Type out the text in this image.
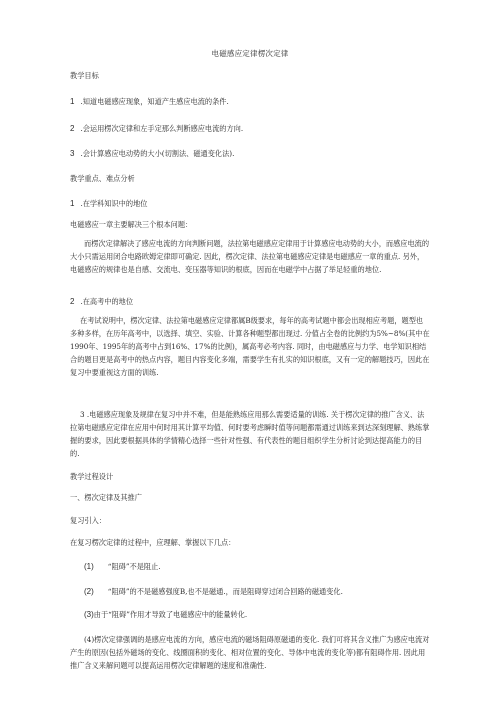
电磁感应定律楞次定律
教学目标
1 .知道电磁感应现象，知道产生感应电流的条件.
2 .会运用楞次定律和左手定那么判断感应电流的方向.
3 .会计算感应电动势的大小(切割法、磁通变化法).
教学重点、难点分析
1 .在学科知识中的地位
电磁感应一章主要解决三个根本问题：
而楞次定律解决了感应电流的方向判断问题，法拉第电磁感应定律用于计算感应电动势的大小，而感应电流的大小只需运用闭合电路欧姆定律即可确定. 因此，楞次定律、法拉第电磁感应定律是电磁感应一章的重点. 另外，电磁感应的规律也是自感、交流电、变压器等知识的根底，因而在电磁学中占据了举足轻重的地位.
2 .在高考中的地位
在考试说明中，楞次定律、法拉第电磁感应定律都属B级要求，每年的高考试题中都会出现相应考题，题型也多种多样，在历年高考中，以选择、填空、实验、计算各种题型都出现过. 分值占全卷的比例约为5%~8%(其中在1990年、1995年的高考中占到16%、17%的比例)，属高考必考内容. 同时，由电磁感应与力学、电学知识相结合的题目更是高考中的热点内容，题目内容变化多端，需要学生有扎实的知识根底，又有一定的解题技巧，因此在复习中要重视这方面的训练.
3 .电磁感应现象及规律在复习中并不难，但是能熟练应用那么需要适量的训练. 关于楞次定律的推广含义、法拉第电磁感应定律在应用中何时用其计算平均值、何时要考虑瞬时值等问题都需通过训练来到达深刻理解、熟练掌握的要求，因此要根据具体的学情精心选择一些针对性强、有代表性的题目组织学生分析讨论到达提高能力的目的.
教学过程设计
一、楞次定律及其推广
复习引入：
在复习楞次定律的过程中，应理解、掌握以下几点：
(1) “阻碍”不是阻止.
(2) “阻碍”的不是磁感强度B,也不是磁通.，而是阻碍穿过闭合回路的磁通变化.
(3)由于“阻碍”作用才导致了电磁感应中的能量转化.
(4)楞次定律强调的是感应电流的方向，感应电流的磁场阻碍原磁通的变化. 我们可将其含义推广为感应电流对产生的原因(包括外磁场的变化、线圈面积的变化、相对位置的变化、导体中电流的变化等)都有阻碍作用. 因此用推广含义来解问题可以提高运用楞次定律解题的速度和准确性.
